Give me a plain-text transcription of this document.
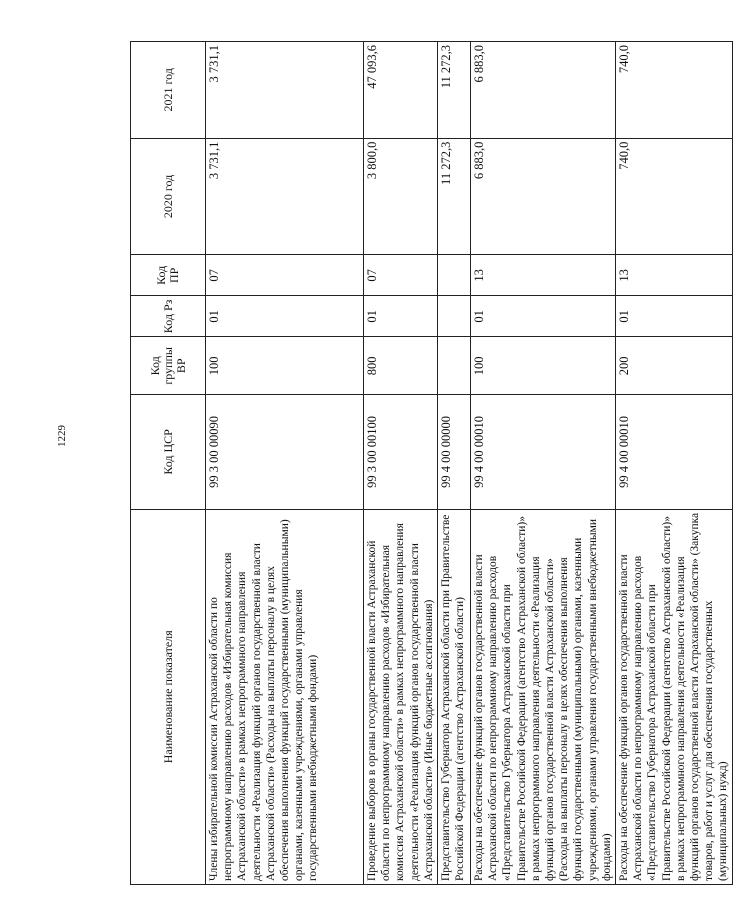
1229
Наименование показателя	Код ЦСР	Код группы ВР	Код Рз	Код ПР	2020 год	2021 год
Члены избирательной комиссии Астраханской области по непрограммному направлению расходов «Избирательная комиссия Астраханской области» в рамках непрограммного направления деятельности «Реализация функций органов государственной власти Астраханской области» (Расходы на выплаты персоналу в целях обеспечения выполнения функций государственными (муниципальными) органами, казенными учреждениями, органами управления государственными внебюджетными фондами)	99 3 00 00090	100	01	07	3 731,1	3 731,1
Проведение выборов в органы государственной власти Астраханской области по непрограммному направлению расходов «Избирательная комиссия Астраханской области» в рамках непрограммного направления деятельности «Реализация функций органов государственной власти Астраханской области» (Иные бюджетные ассигнования)	99 3 00 00100	800	01	07	3 800,0	47 093,6
Представительство Губернатора Астраханской области при Правительстве Российской Федерации (агентство Астраханской области)	99 4 00 00000				11 272,3	11 272,3
Расходы на обеспечение функций органов государственной власти Астраханской области по непрограммному направлению расходов «Представительство Губернатора Астраханской области при Правительстве Российской Федерации (агентство Астраханской области)» в рамках непрограммного направления деятельности «Реализация функций органов государственной власти Астраханской области» (Расходы на выплаты персоналу в целях обеспечения выполнения функций государственными (муниципальными) органами, казенными учреждениями, органами управления государственными внебюджетными фондами)	99 4 00 00010	100	01	13	6 883,0	6 883,0
Расходы на обеспечение функций органов государственной власти Астраханской области по непрограммному направлению расходов «Представительство Губернатора Астраханской области при Правительстве Российской Федерации (агентство Астраханской области)» в рамках непрограммного направления деятельности «Реализация функций органов государственной власти Астраханской области» (Закупка товаров, работ и услуг для обеспечения государственных (муниципальных) нужд)	99 4 00 00010	200	01	13	740,0	740,0
